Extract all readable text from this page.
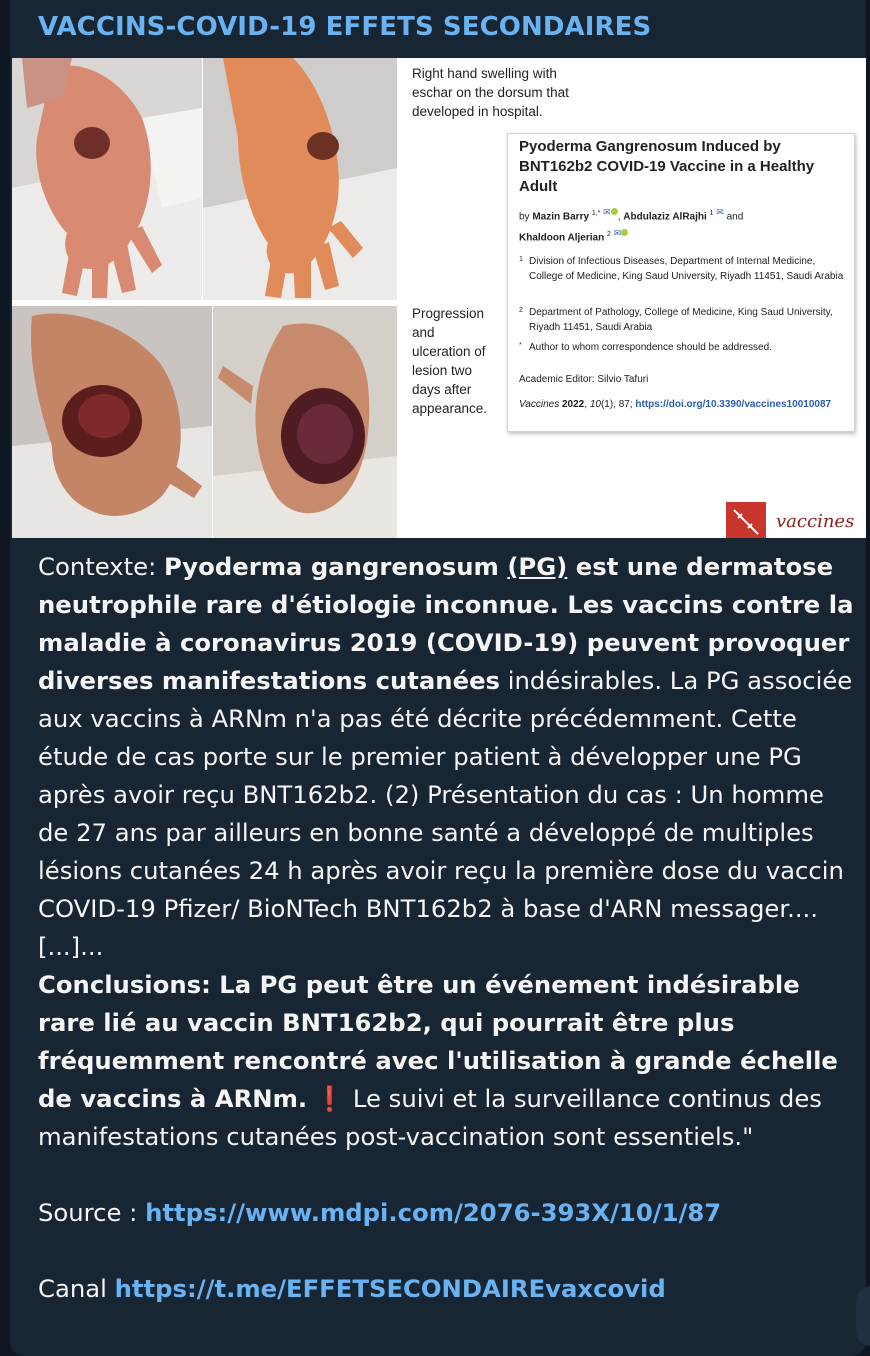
VACCINS-COVID-19 EFFETS SECONDAIRES
Right hand swelling with
eschar on the dorsum that
developed in hospital.
Progression
and
ulceration of
lesion two
days after
appearance.
Pyoderma Gangrenosum Induced by BNT162b2 COVID-19 Vaccine in a Healthy Adult
by Mazin Barry $^{1,*}$ ✉ , Abdulaziz AlRajhi $^1$ ✉ and
Khaldoon Aljerian $^2$ ✉
1 Division of Infectious Diseases, Department of Internal Medicine, College of Medicine, King Saud University, Riyadh 11451, Saudi Arabia
2 Department of Pathology, College of Medicine, King Saud University, Riyadh 11451, Saudi Arabia
* Author to whom correspondence should be addressed.
Academic Editor: Silvio Tafuri
Vaccines 2022, 10(1), 87; https://doi.org/10.3390/vaccines10010087
vaccines

Contexte: Pyoderma gangrenosum (PG) est une dermatose neutrophile rare d'étiologie inconnue. Les vaccins contre la maladie à coronavirus 2019 (COVID-19) peuvent provoquer diverses manifestations cutanées indésirables. La PG associée aux vaccins à ARNm n'a pas été décrite précédemment. Cette étude de cas porte sur le premier patient à développer une PG après avoir reçu BNT162b2. (2) Présentation du cas : Un homme de 27 ans par ailleurs en bonne santé a développé de multiples lésions cutanées 24 h après avoir reçu la première dose du vaccin COVID-19 Pfizer/ BioNTech BNT162b2 à base d'ARN messager....[...]...

Conclusions: La PG peut être un événement indésirable rare lié au vaccin BNT162b2, qui pourrait être plus fréquemment rencontré avec l'utilisation à grande échelle de vaccins à ARNm. ❗ Le suivi et la surveillance continus des manifestations cutanées post-vaccination sont essentiels."

Source : https://www.mdpi.com/2076-393X/10/1/87

Canal https://t.me/EFFETSECONDAIREvaxcovid
